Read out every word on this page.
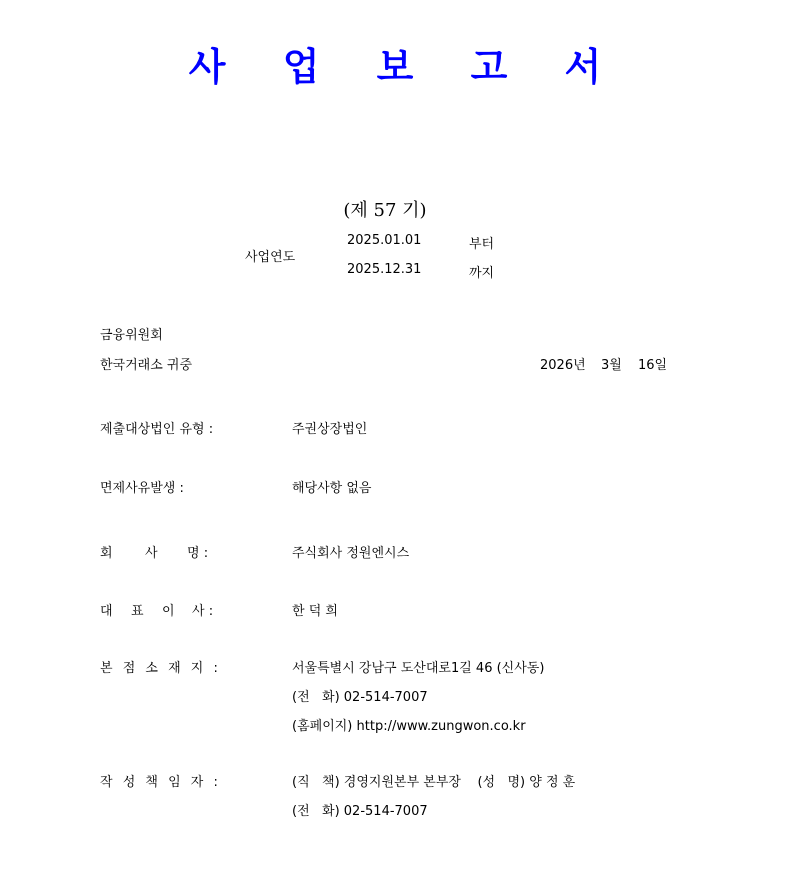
사 업 보 고 서
(제 57 기)
사업연도
2025.01.01	부터
2025.12.31	까지
금융위원회
한국거래소 귀중	2026년 3월 16일
제출대상법인 유형 :	주권상장법인
면제사유발생 :	해당사항 없음
회 사 명 :	주식회사 정원엔시스
대 표 이 사 :	한 덕 희
본 점 소 재 지 :	서울특별시 강남구 도산대로1길 46 (신사동)
(전   화) 02-514-7007
(홈페이지) http://www.zungwon.co.kr
작 성 책 임 자 :	(직   책) 경영지원본부 본부장    (성   명) 양 정 훈
(전   화) 02-514-7007
